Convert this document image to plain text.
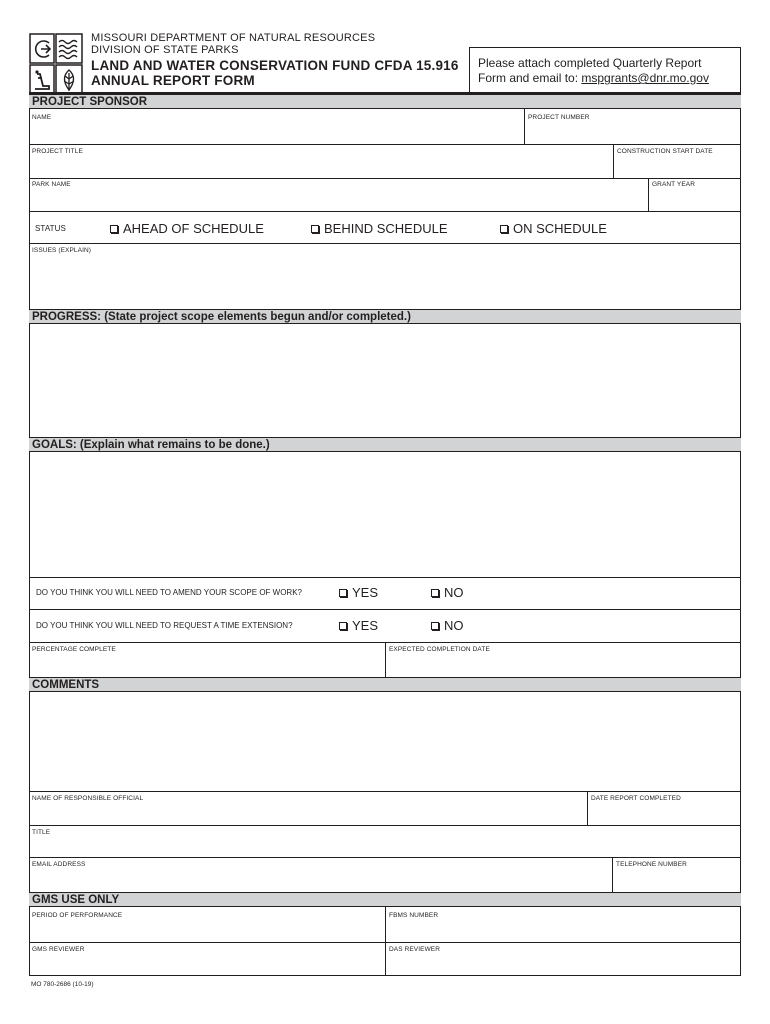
MISSOURI DEPARTMENT OF NATURAL RESOURCES
DIVISION OF STATE PARKS
LAND AND WATER CONSERVATION FUND CFDA 15.916
ANNUAL REPORT FORM
Please attach completed Quarterly Report
Form and email to: mspgrants@dnr.mo.gov
PROJECT SPONSOR
NAME	PROJECT NUMBER
PROJECT TITLE	CONSTRUCTION START DATE
PARK NAME	GRANT YEAR
STATUS	AHEAD OF SCHEDULE	BEHIND SCHEDULE	ON SCHEDULE
ISSUES (EXPLAIN)
PROGRESS: (State project scope elements begun and/or completed.)
GOALS: (Explain what remains to be done.)
DO YOU THINK YOU WILL NEED TO AMEND YOUR SCOPE OF WORK?	YES	NO
DO YOU THINK YOU WILL NEED TO REQUEST A TIME EXTENSION?	YES	NO
PERCENTAGE COMPLETE	EXPECTED COMPLETION DATE
COMMENTS
NAME OF RESPONSIBLE OFFICIAL	DATE REPORT COMPLETED
TITLE
EMAIL ADDRESS	TELEPHONE NUMBER
GMS USE ONLY
PERIOD OF PERFORMANCE	FBMS NUMBER
GMS REVIEWER	DAS REVIEWER
MO 780-2686 (10-19)
